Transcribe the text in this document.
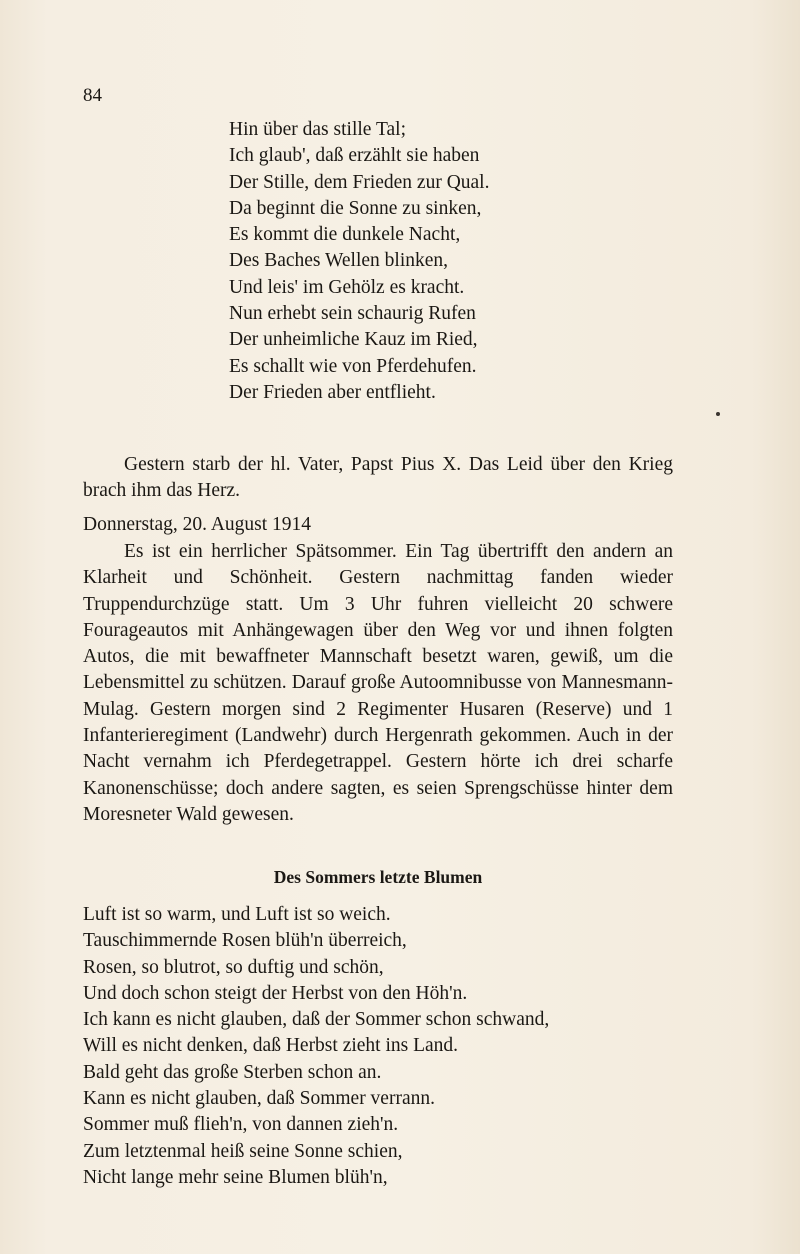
84
Hin über das stille Tal;
Ich glaub', daß erzählt sie haben
Der Stille, dem Frieden zur Qual.
Da beginnt die Sonne zu sinken,
Es kommt die dunkele Nacht,
Des Baches Wellen blinken,
Und leis' im Gehölz es kracht.
Nun erhebt sein schaurig Rufen
Der unheimliche Kauz im Ried,
Es schallt wie von Pferdehufen.
Der Frieden aber entflieht.

Gestern starb der hl. Vater, Papst Pius X. Das Leid über den Krieg brach ihm das Herz.

Donnerstag, 20. August 1914

Es ist ein herrlicher Spätsommer. Ein Tag übertrifft den andern an Klarheit und Schönheit. Gestern nachmittag fanden wieder Truppendurchzüge statt. Um 3 Uhr fuhren vielleicht 20 schwere Fourageautos mit Anhängewagen über den Weg vor und ihnen folgten Autos, die mit bewaffneter Mannschaft besetzt waren, gewiß, um die Lebensmittel zu schützen. Darauf große Autoomnibusse von Mannesmann-Mulag. Gestern morgen sind 2 Regimenter Husaren (Reserve) und 1 Infanterieregiment (Landwehr) durch Hergenrath gekommen. Auch in der Nacht vernahm ich Pferdegetrappel. Gestern hörte ich drei scharfe Kanonenschüsse; doch andere sagten, es seien Sprengschüsse hinter dem Moresneter Wald gewesen.

Des Sommers letzte Blumen
Luft ist so warm, und Luft ist so weich.
Tauschimmernde Rosen blüh'n überreich,
Rosen, so blutrot, so duftig und schön,
Und doch schon steigt der Herbst von den Höh'n.
Ich kann es nicht glauben, daß der Sommer schon schwand,
Will es nicht denken, daß Herbst zieht ins Land.
Bald geht das große Sterben schon an.
Kann es nicht glauben, daß Sommer verrann.
Sommer muß flieh'n, von dannen zieh'n.
Zum letztenmal heiß seine Sonne schien,
Nicht lange mehr seine Blumen blüh'n,
